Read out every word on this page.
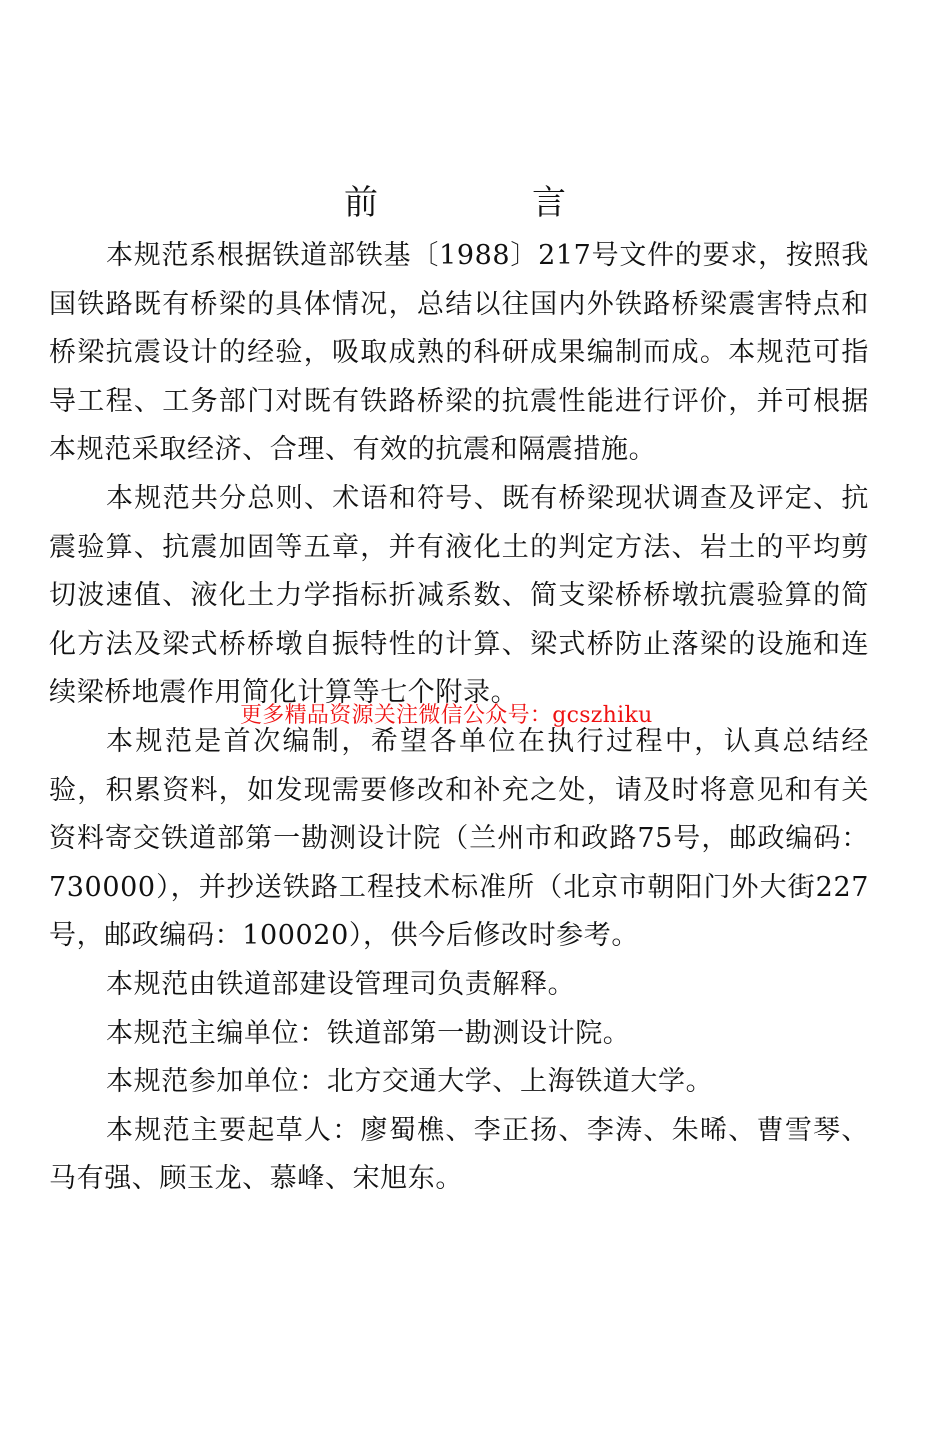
前　言

本规范系根据铁道部铁基〔1988〕217号文件的要求，按照我国铁路既有桥梁的具体情况，总结以往国内外铁路桥梁震害特点和桥梁抗震设计的经验，吸取成熟的科研成果编制而成。本规范可指导工程、工务部门对既有铁路桥梁的抗震性能进行评价，并可根据本规范采取经济、合理、有效的抗震和隔震措施。

本规范共分总则、术语和符号、既有桥梁现状调查及评定、抗震验算、抗震加固等五章，并有液化土的判定方法、岩土的平均剪切波速值、液化土力学指标折减系数、简支梁桥桥墩抗震验算的简化方法及梁式桥桥墩自振特性的计算、梁式桥防止落梁的设施和连续梁桥地震作用简化计算等七个附录。

本规范是首次编制，希望各单位在执行过程中，认真总结经验，积累资料，如发现需要修改和补充之处，请及时将意见和有关资料寄交铁道部第一勘测设计院（兰州市和政路75号，邮政编码：730000），并抄送铁路工程技术标准所（北京市朝阳门外大街227号，邮政编码：100020），供今后修改时参考。

本规范由铁道部建设管理司负责解释。

本规范主编单位：铁道部第一勘测设计院。

本规范参加单位：北方交通大学、上海铁道大学。

本规范主要起草人：廖蜀樵、李正扬、李涛、朱晞、曹雪琴、马有强、顾玉龙、慕峰、宋旭东。

更多精品资源关注微信公众号：gcszhiku
